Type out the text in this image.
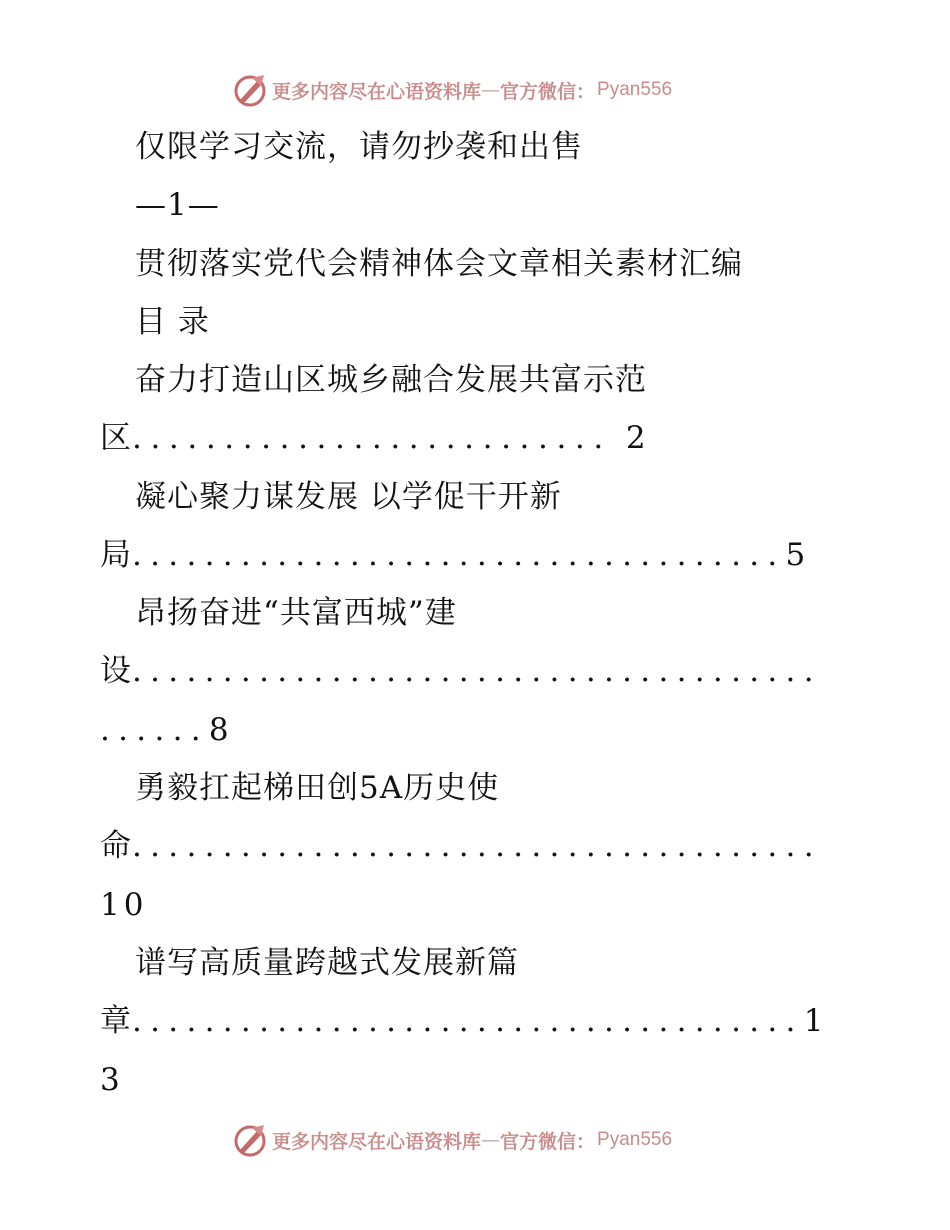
更多内容尽在心语资料库 — 官方微信： Pyan556
仅限学习交流，请勿抄袭和出售
—1—
贯彻落实党代会精神体会文章相关素材汇编
目 录
奋力打造山区城乡融合发展共富示范
区.......................... 2
凝心聚力谋发展 以学促干开新
局....................................5
昂扬奋进“共富西城”建
设......................................
......8
勇毅扛起梯田创5A历史使
命......................................
10
谱写高质量跨越式发展新篇
章.....................................1
3
更多内容尽在心语资料库 — 官方微信： Pyan556
